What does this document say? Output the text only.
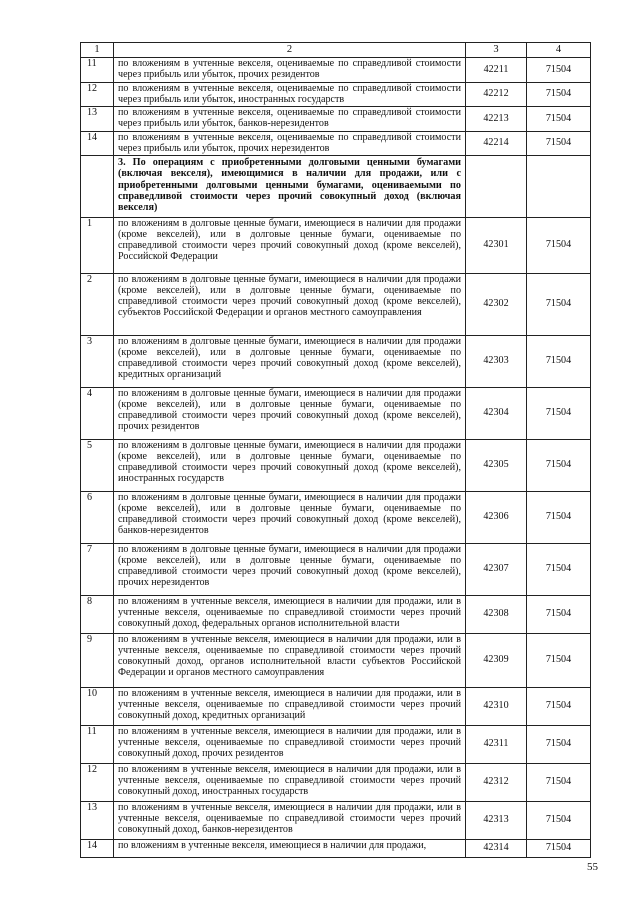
1	2	3	4
11	по вложениям в учтенные векселя, оцениваемые по справедливой стоимости через прибыль или убыток, прочих резидентов	42211	71504
12	по вложениям в учтенные векселя, оцениваемые по справедливой стоимости через прибыль или убыток, иностранных государств	42212	71504
13	по вложениям в учтенные векселя, оцениваемые по справедливой стоимости через прибыль или убыток, банков-нерезидентов	42213	71504
14	по вложениям в учтенные векселя, оцениваемые по справедливой стоимости через прибыль или убыток, прочих нерезидентов	42214	71504
	3. По операциям с приобретенными долговыми ценными бумагами (включая векселя), имеющимися в наличии для продажи, или с приобретенными долговыми ценными бумагами, оцениваемыми по справедливой стоимости через прочий совокупный доход (включая векселя)		
1	по вложениям в долговые ценные бумаги, имеющиеся в наличии для продажи (кроме векселей), или в долговые ценные бумаги, оцениваемые по справедливой стоимости через прочий совокупный доход (кроме векселей), Российской Федерации	42301	71504
2	по вложениям в долговые ценные бумаги, имеющиеся в наличии для продажи (кроме векселей), или в долговые ценные бумаги, оцениваемые по справедливой стоимости через прочий совокупный доход (кроме векселей), субъектов Российской Федерации и органов местного самоуправления	42302	71504
3	по вложениям в долговые ценные бумаги, имеющиеся в наличии для продажи (кроме векселей), или в долговые ценные бумаги, оцениваемые по справедливой стоимости через прочий совокупный доход (кроме векселей), кредитных организаций	42303	71504
4	по вложениям в долговые ценные бумаги, имеющиеся в наличии для продажи (кроме векселей), или в долговые ценные бумаги, оцениваемые по справедливой стоимости через прочий совокупный доход (кроме векселей), прочих резидентов	42304	71504
5	по вложениям в долговые ценные бумаги, имеющиеся в наличии для продажи (кроме векселей), или в долговые ценные бумаги, оцениваемые по справедливой стоимости через прочий совокупный доход (кроме векселей), иностранных государств	42305	71504
6	по вложениям в долговые ценные бумаги, имеющиеся в наличии для продажи (кроме векселей), или в долговые ценные бумаги, оцениваемые по справедливой стоимости через прочий совокупный доход (кроме векселей), банков-нерезидентов	42306	71504
7	по вложениям в долговые ценные бумаги, имеющиеся в наличии для продажи (кроме векселей), или в долговые ценные бумаги, оцениваемые по справедливой стоимости через прочий совокупный доход (кроме векселей), прочих нерезидентов	42307	71504
8	по вложениям в учтенные векселя, имеющиеся в наличии для продажи, или в учтенные векселя, оцениваемые по справедливой стоимости через прочий совокупный доход, федеральных органов исполнительной власти	42308	71504
9	по вложениям в учтенные векселя, имеющиеся в наличии для продажи, или в учтенные векселя, оцениваемые по справедливой стоимости через прочий совокупный доход, органов исполнительной власти субъектов Российской Федерации и органов местного самоуправления	42309	71504
10	по вложениям в учтенные векселя, имеющиеся в наличии для продажи, или в учтенные векселя, оцениваемые по справедливой стоимости через прочий совокупный доход, кредитных организаций	42310	71504
11	по вложениям в учтенные векселя, имеющиеся в наличии для продажи, или в учтенные векселя, оцениваемые по справедливой стоимости через прочий совокупный доход, прочих резидентов	42311	71504
12	по вложениям в учтенные векселя, имеющиеся в наличии для продажи, или в учтенные векселя, оцениваемые по справедливой стоимости через прочий совокупный доход, иностранных государств	42312	71504
13	по вложениям в учтенные векселя, имеющиеся в наличии для продажи, или в учтенные векселя, оцениваемые по справедливой стоимости через прочий совокупный доход, банков-нерезидентов	42313	71504
14	по вложениям в учтенные векселя, имеющиеся в наличии для продажи,	42314	71504
55
